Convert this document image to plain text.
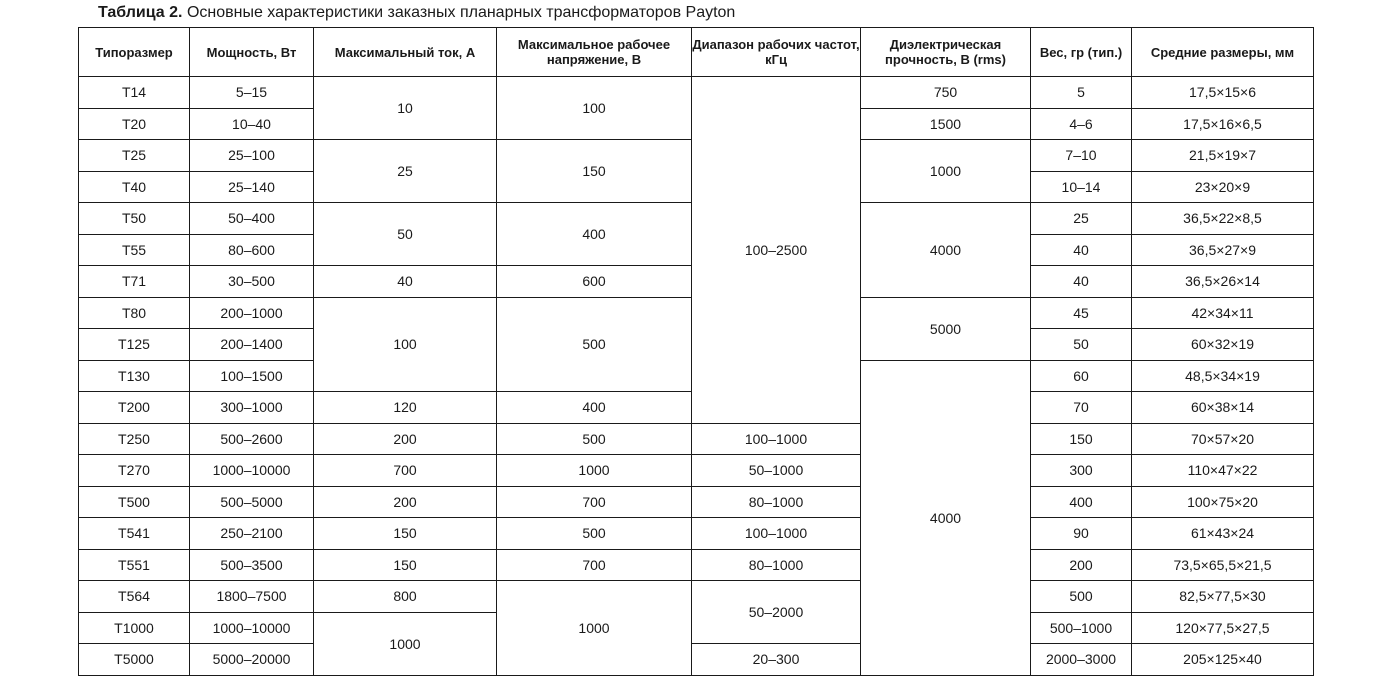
Таблица 2. Основные характеристики заказных планарных трансформаторов Payton
Типоразмер	Мощность, Вт	Максимальный ток, А	Максимальное рабочее напряжение, В	Диапазон рабочих частот, кГц	Диэлектрическая прочность, В (rms)	Вес, гр (тип.)	Средние размеры, мм
T14	5–15	10	100	100–2500	750	5	17,5×15×6
T20	10–40				1500	4–6	17,5×16×6,5
T25	25–100	25	150		1000	7–10	21,5×19×7
T40	25–140					10–14	23×20×9
T50	50–400	50	400		4000	25	36,5×22×8,5
T55	80–600					40	36,5×27×9
T71	30–500	40	600			40	36,5×26×14
T80	200–1000	100	500		5000	45	42×34×11
T125	200–1400					50	60×32×19
T130	100–1500				4000	60	48,5×34×19
T200	300–1000	120	400			70	60×38×14
T250	500–2600	200	500	100–1000		150	70×57×20
T270	1000–10000	700	1000	50–1000		300	110×47×22
T500	500–5000	200	700	80–1000		400	100×75×20
T541	250–2100	150	500	100–1000		90	61×43×24
T551	500–3500	150	700	80–1000		200	73,5×65,5×21,5
T564	1800–7500	800	1000	50–2000		500	82,5×77,5×30
T1000	1000–10000	1000				500–1000	120×77,5×27,5
T5000	5000–20000			20–300		2000–3000	205×125×40
